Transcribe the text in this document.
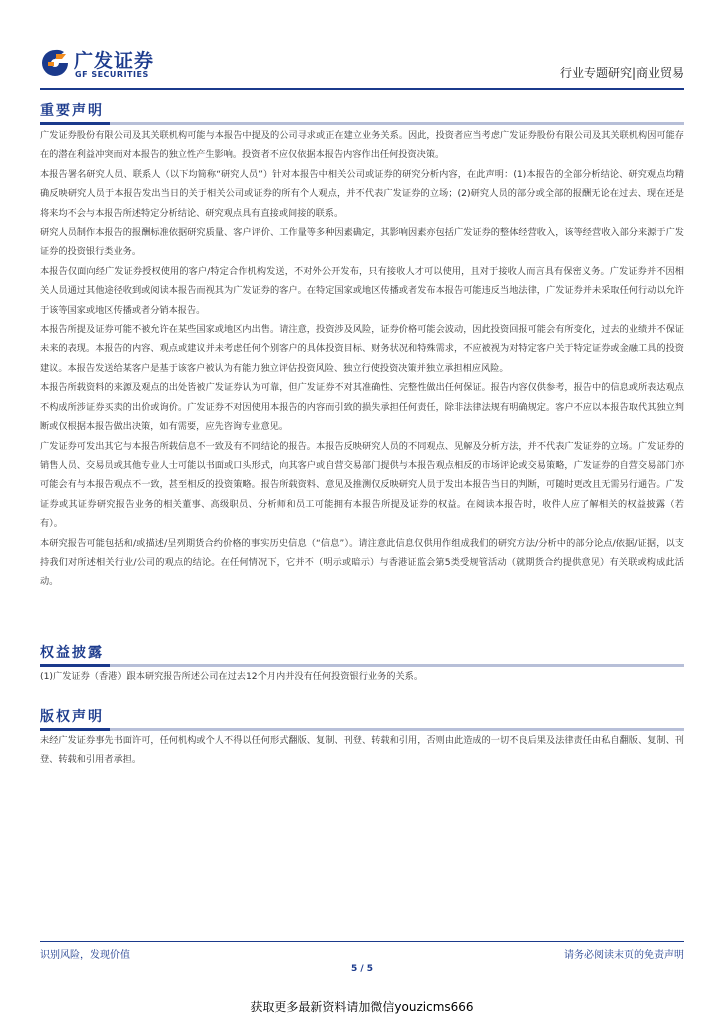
广发证券
GF SECURITIES	行业专题研究|商业贸易
重要声明

广发证券股份有限公司及其关联机构可能与本报告中提及的公司寻求或正在建立业务关系。因此，投资者应当考虑广发证券股份有限公司及其关联机构因可能存在的潜在利益冲突而对本报告的独立性产生影响。投资者不应仅依据本报告内容作出任何投资决策。

本报告署名研究人员、联系人（以下均简称“研究人员”）针对本报告中相关公司或证券的研究分析内容，在此声明：(1)本报告的全部分析结论、研究观点均精确反映研究人员于本报告发出当日的关于相关公司或证券的所有个人观点，并不代表广发证券的立场；(2)研究人员的部分或全部的报酬无论在过去、现在还是将来均不会与本报告所述特定分析结论、研究观点具有直接或间接的联系。

研究人员制作本报告的报酬标准依据研究质量、客户评价、工作量等多种因素确定，其影响因素亦包括广发证券的整体经营收入，该等经营收入部分来源于广发证券的投资银行类业务。

本报告仅面向经广发证券授权使用的客户/特定合作机构发送，不对外公开发布，只有接收人才可以使用，且对于接收人而言具有保密义务。广发证券并不因相关人员通过其他途径收到或阅读本报告而视其为广发证券的客户。在特定国家或地区传播或者发布本报告可能违反当地法律，广发证券并未采取任何行动以允许于该等国家或地区传播或者分销本报告。

本报告所提及证券可能不被允许在某些国家或地区内出售。请注意，投资涉及风险，证券价格可能会波动，因此投资回报可能会有所变化，过去的业绩并不保证未来的表现。本报告的内容、观点或建议并未考虑任何个别客户的具体投资目标、财务状况和特殊需求，不应被视为对特定客户关于特定证券或金融工具的投资建议。本报告发送给某客户是基于该客户被认为有能力独立评估投资风险、独立行使投资决策并独立承担相应风险。

本报告所载资料的来源及观点的出处皆被广发证券认为可靠，但广发证券不对其准确性、完整性做出任何保证。报告内容仅供参考，报告中的信息或所表达观点不构成所涉证券买卖的出价或询价。广发证券不对因使用本报告的内容而引致的损失承担任何责任，除非法律法规有明确规定。客户不应以本报告取代其独立判断或仅根据本报告做出决策，如有需要，应先咨询专业意见。

广发证券可发出其它与本报告所载信息不一致及有不同结论的报告。本报告反映研究人员的不同观点、见解及分析方法，并不代表广发证券的立场。广发证券的销售人员、交易员或其他专业人士可能以书面或口头形式，向其客户或自营交易部门提供与本报告观点相反的市场评论或交易策略，广发证券的自营交易部门亦可能会有与本报告观点不一致，甚至相反的投资策略。报告所载资料、意见及推测仅反映研究人员于发出本报告当日的判断，可随时更改且无需另行通告。广发证券或其证券研究报告业务的相关董事、高级职员、分析师和员工可能拥有本报告所提及证券的权益。在阅读本报告时，收件人应了解相关的权益披露（若有）。

本研究报告可能包括和/或描述/呈列期货合约价格的事实历史信息（“信息”）。请注意此信息仅供用作组成我们的研究方法/分析中的部分论点/依据/证据，以支持我们对所述相关行业/公司的观点的结论。在任何情况下，它并不（明示或暗示）与香港证监会第5类受规管活动（就期货合约提供意见）有关联或构成此活动。

权益披露

(1)广发证券（香港）跟本研究报告所述公司在过去12个月内并没有任何投资银行业务的关系。

版权声明

未经广发证券事先书面许可，任何机构或个人不得以任何形式翻版、复制、刊登、转载和引用，否则由此造成的一切不良后果及法律责任由私自翻版、复制、刊登、转载和引用者承担。

识别风险，发现价值	请务必阅读末页的免责声明
5 / 5
获取更多最新资料请加微信youzicms666
